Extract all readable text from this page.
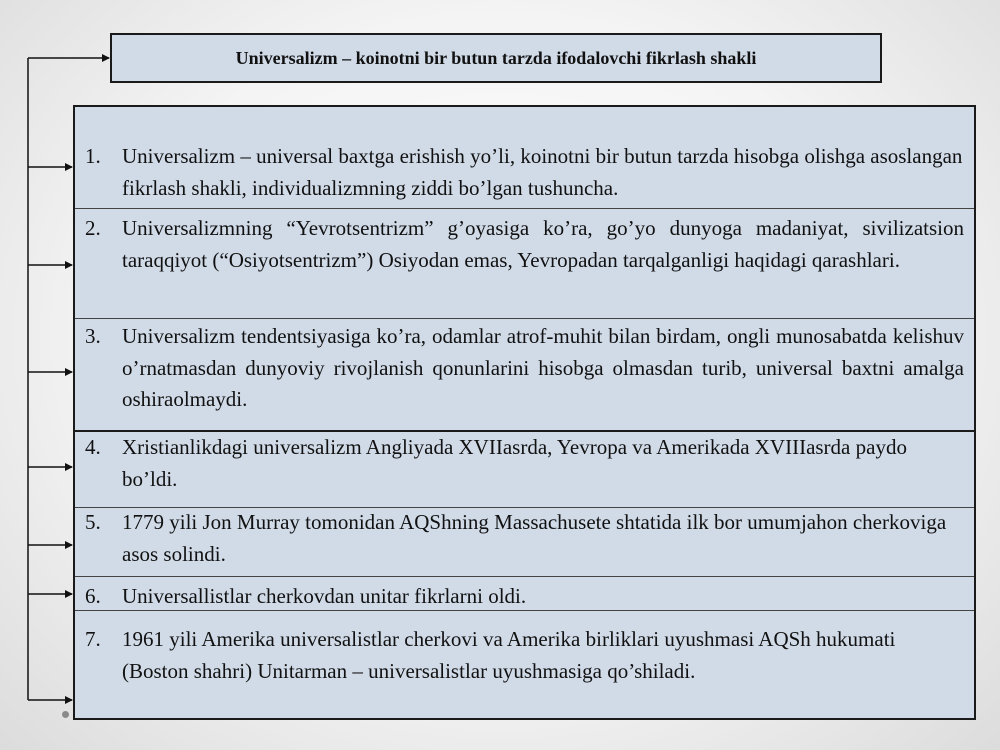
Universalizm – koinotni bir butun tarzda ifodalovchi fikrlash shakli
1. Universalizm – universal baxtga erishish yo’li, koinotni bir butun tarzda hisobga olishga asoslangan fikrlash shakli, individualizmning ziddi bo’lgan tushuncha.
2. Universalizmning “Yevrotsentrizm” g’oyasiga ko’ra, go’yo dunyoga madaniyat, sivilizatsion taraqqiyot (“Osiyotsentrizm”) Osiyodan emas, Yevropadan tarqalganligi haqidagi qarashlari.
3. Universalizm tendentsiyasiga ko’ra, odamlar atrof-muhit bilan birdam, ongli munosabatda kelishuv o’rnatmasdan dunyoviy rivojlanish qonunlarini hisobga olmasdan turib, universal baxtni amalga oshiraolmaydi.
4. Xristianlikdagi universalizm Angliyada XVIIasrda, Yevropa va Amerikada XVIIIasrda paydo bo’ldi.
5. 1779 yili Jon Murray tomonidan AQShning Massachusete shtatida ilk bor umumjahon cherkoviga asos solindi.
6. Universallistlar cherkovdan unitar fikrlarni oldi.
7. 1961 yili Amerika universalistlar cherkovi va Amerika birliklari uyushmasi AQSh hukumati (Boston shahri) Unitarman – universalistlar uyushmasiga qo’shiladi.
